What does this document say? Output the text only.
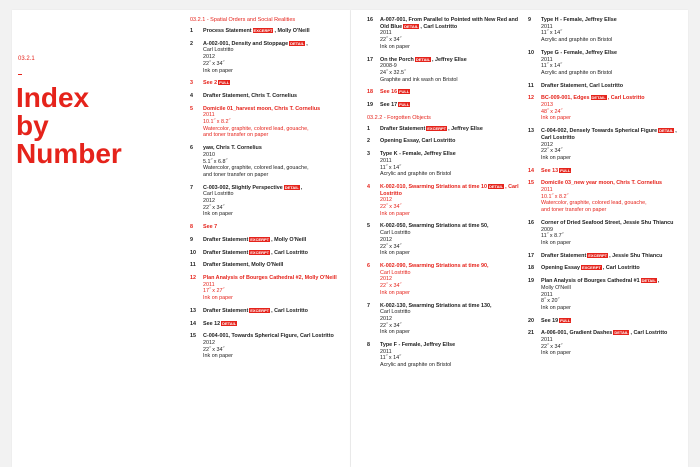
03.2.1
Index by Number
03.2.1 - Spatial Orders and Social Realities
1 Process Statement EXCERPT , Molly O'Neill
2 A-002-001, Density and Stoppage DETAIL ,
Carl Lostritto
2012
22˝ x 34˝
Ink on paper
3 See 2 FULL
4 Drafter Statement, Chris T. Cornelius
5 Domicile 01_harvest moon, Chris T. Cornelius
2011
10.1˝ x 8.2˝
Watercolor, graphite, colored lead, gouache,
and toner transfer on paper
6 yaw, Chris T. Cornelius
2010
5.1˝ x 6.8˝
Watercolor, graphite, colored lead, gouache,
and toner transfer on paper
7 C-003-002, Slightly Perspective DETAIL ,
Carl Lostritto
2012
22˝ x 34˝
Ink on paper
8 See 7
9 Drafter Statement EXCERPT , Molly O'Neill
10 Drafter Statement EXCERPT , Carl Lostritto
11 Drafter Statement, Molly O'Neill
12 Plan Analysis of Bourges Cathedral #2, Molly O'Neill
2011
17˝ x 27˝
Ink on paper
13 Drafter Statement EXCERPT , Carl Lostritto
14 See 12 DETAIL
15 C-004-001, Towards Spherical Figure, Carl Lostritto
2012
22˝ x 34˝
Ink on paper
16 A-007-001, From Parallel to Pointed with New Red and Old Blue DETAIL , Carl Lostritto
2011
22˝ x 34˝
Ink on paper
17 On the Porch DETAIL , Jeffrey Ellse
2008-9
24˝ x 32.5˝
Graphite and ink wash on Bristol
18 See 16 FULL
19 See 17 FULL
03.2.2 - Forgotten Objects
1 Drafter Statement EXCERPT , Jeffrey Ellse
2 Opening Essay, Carl Lostritto
3 Type K - Female, Jeffrey Ellse
2011
11˝ x 14˝
Acrylic and graphite on Bristol
4 K-002-010, Swarming Striations at time 10 DETAIL , Carl Lostritto
2012
22˝ x 34˝
Ink on paper
5 K-002-050, Swarming Striations at time 50,
Carl Lostritto
2012
22˝ x 34˝
Ink on paper
6 K-002-090, Swarming Striations at time 90,
Carl Lostritto
2012
22˝ x 34˝
Ink on paper
7 K-002-130, Swarming Striations at time 130,
Carl Lostritto
2012
22˝ x 34˝
Ink on paper
8 Type F - Female, Jeffrey Ellse
2011
11˝ x 14˝
Acrylic and graphite on Bristol
9 Type H - Female, Jeffrey Ellse
2011
11˝ x 14˝
Acrylic and graphite on Bristol
10 Type G - Female, Jeffrey Ellse
2011
11˝ x 14˝
Acrylic and graphite on Bristol
11 Drafter Statement, Carl Lostritto
12 BC-009-001, Edges DETAIL , Carl Lostritto
2013
48˝ x 24˝
Ink on paper
13 C-004-002, Densely Towards Spherical Figure DETAIL , Carl Lostritto
2012
22˝ x 34˝
Ink on paper
14 See 13 FULL
15 Domicile 03_new year moon, Chris T. Cornelius
2011
10.1˝ x 8.2˝
Watercolor, graphite, colored lead, gouache,
and toner transfer on paper
16 Corner of Dried Seafood Street, Jessie Shu Thiancu
2009
11˝ x 8.7˝
Ink on paper
17 Drafter Statement EXCERPT , Jessie Shu Thiancu
18 Opening Essay EXCERPT , Carl Lostritto
19 Plan Analysis of Bourges Cathedral #1 DETAIL ,
Molly O'Neill
2011
8˝ x 20˝
Ink on paper
20 See 19 FULL
21 A-006-001, Gradient Dashes DETAIL , Carl Lostritto
2011
22˝ x 34˝
Ink on paper
